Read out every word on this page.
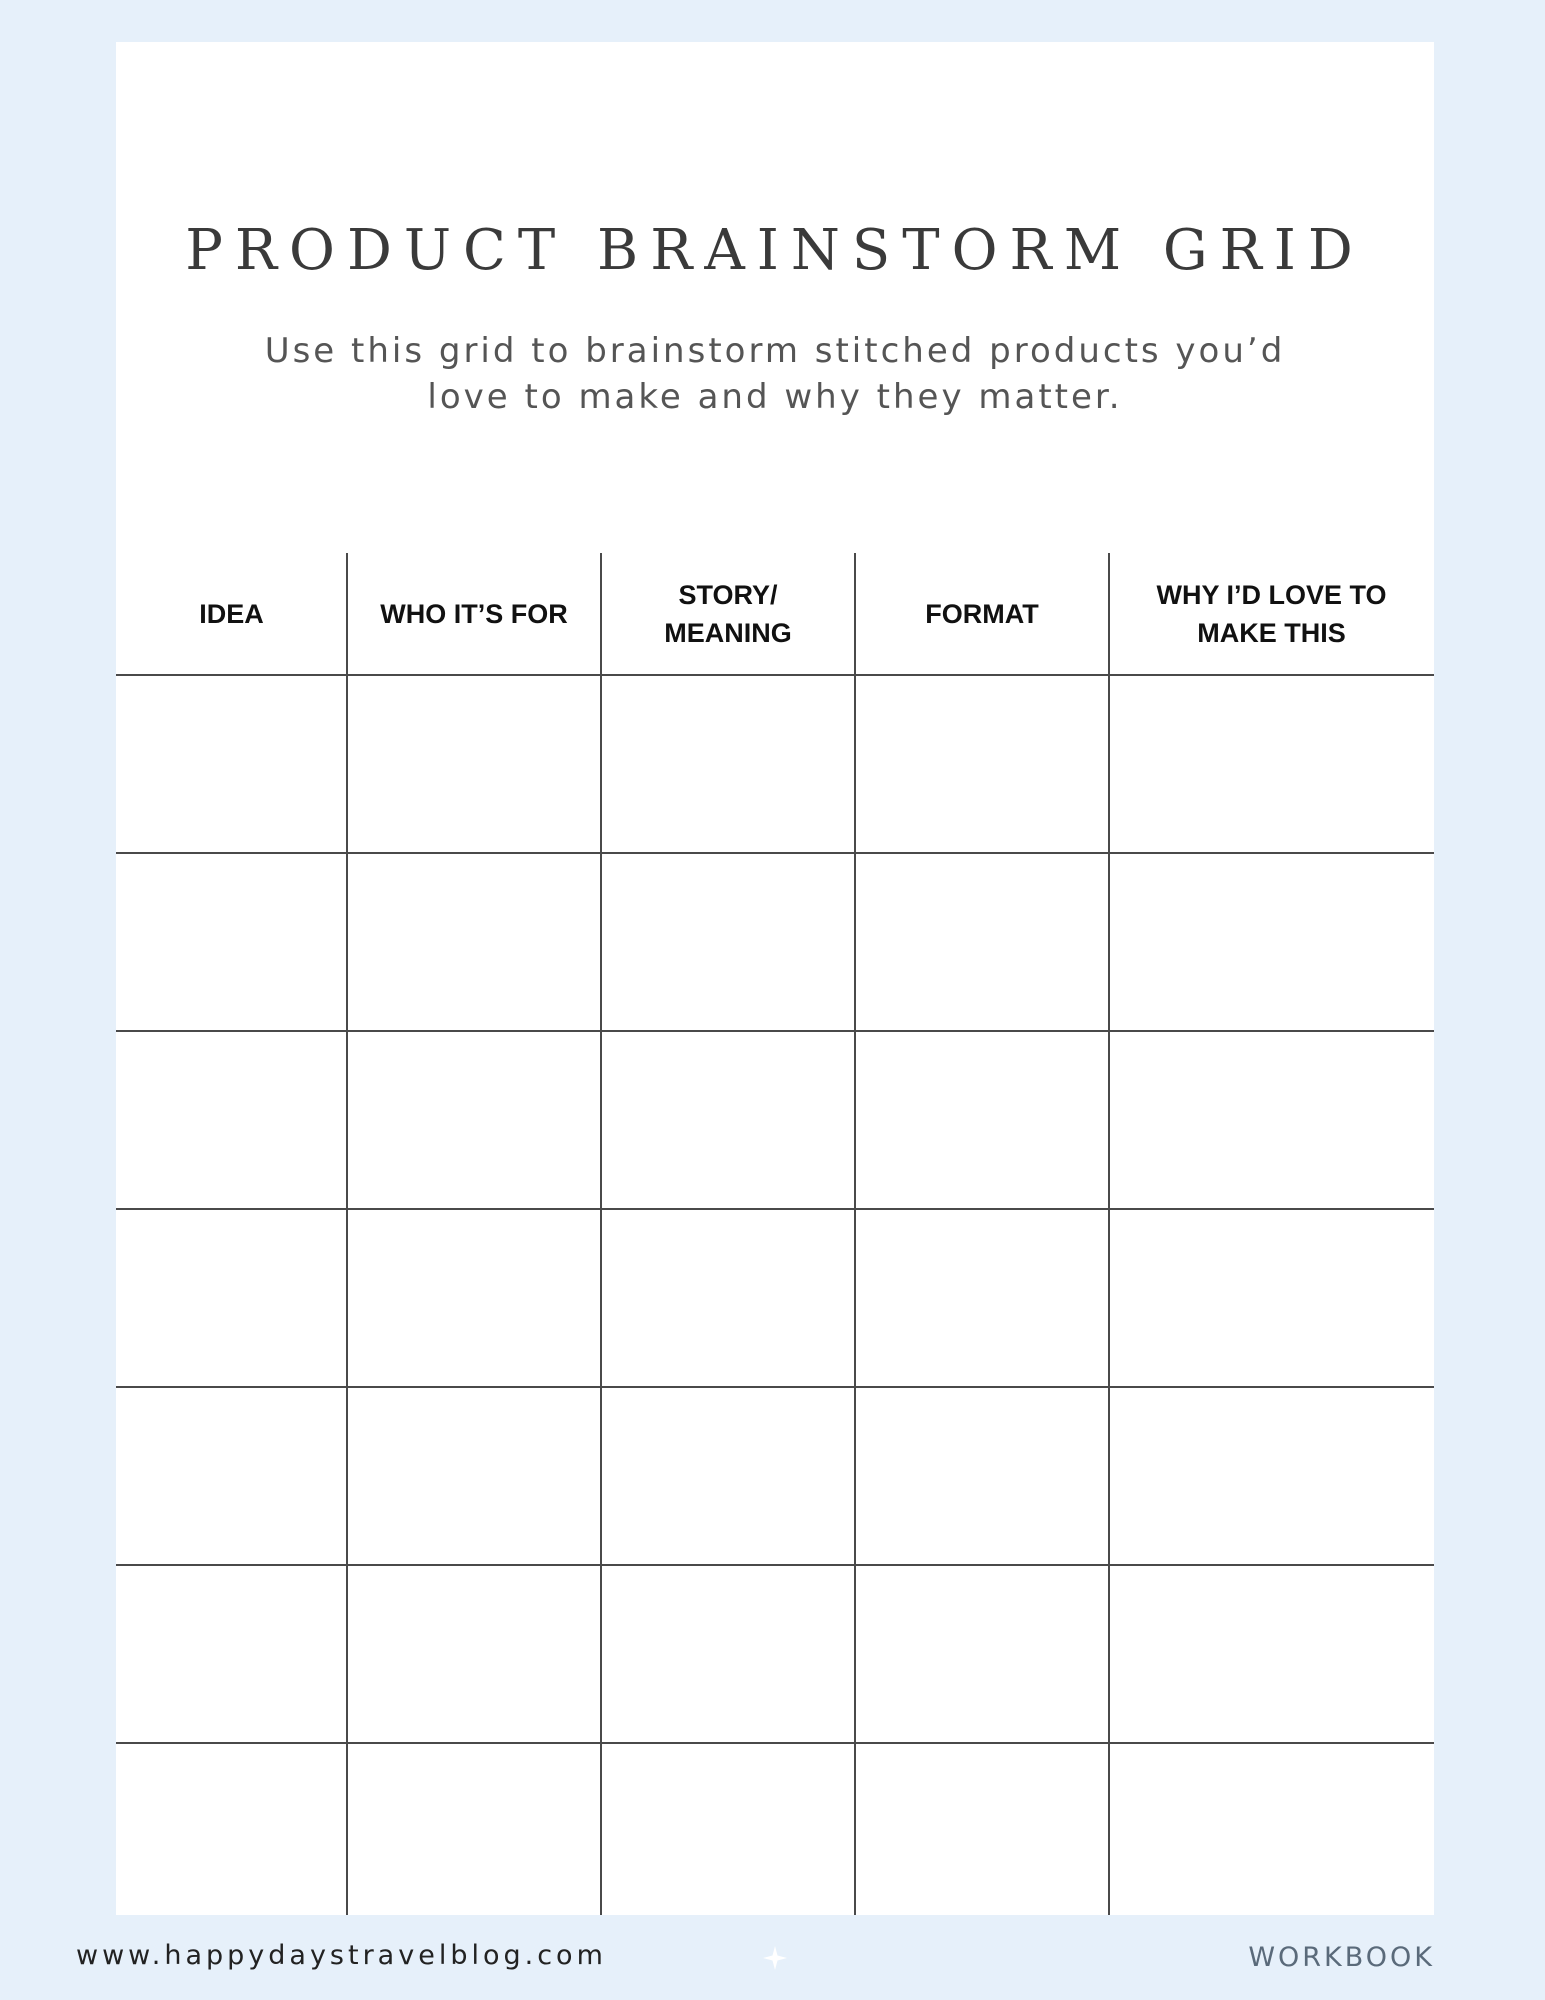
PRODUCT BRAINSTORM GRID

Use this grid to brainstorm stitched products you’d
love to make and why they matter.

IDEA	WHO IT’S FOR
STORY/
MEANING
FORMAT
WHY I’D LOVE TO
MAKE THIS
www.happydaystravelblog.com	WORKBOOK
